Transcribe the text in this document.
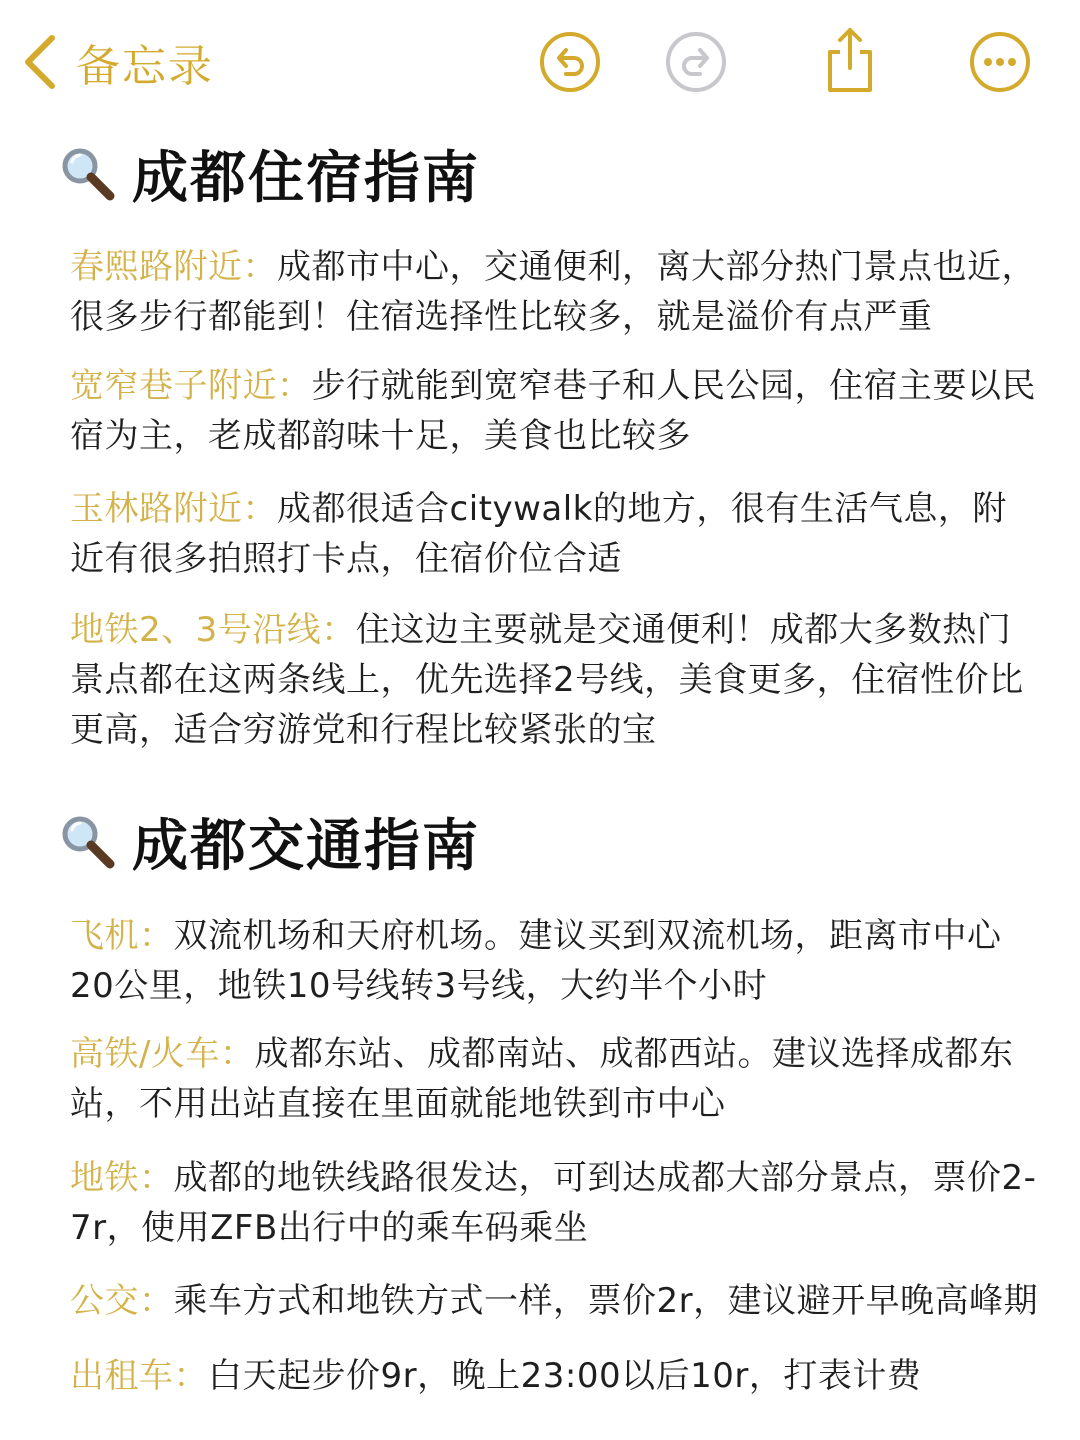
备忘录
成都住宿指南
春熙路附近：成都市中心，交通便利，离大部分热门景点也近，很多步行都能到！住宿选择性比较多，就是溢价有点严重
宽窄巷子附近：步行就能到宽窄巷子和人民公园，住宿主要以民宿为主，老成都韵味十足，美食也比较多
玉林路附近：成都很适合citywalk的地方，很有生活气息，附近有很多拍照打卡点，住宿价位合适
地铁2、3号沿线：住这边主要就是交通便利！成都大多数热门景点都在这两条线上，优先选择2号线，美食更多，住宿性价比更高，适合穷游党和行程比较紧张的宝
成都交通指南
飞机：双流机场和天府机场。建议买到双流机场，距离市中心20公里，地铁10号线转3号线，大约半个小时
高铁/火车：成都东站、成都南站、成都西站。建议选择成都东站，不用出站直接在里面就能地铁到市中心
地铁：成都的地铁线路很发达，可到达成都大部分景点，票价2-7r，使用ZFB出行中的乘车码乘坐
公交：乘车方式和地铁方式一样，票价2r，建议避开早晚高峰期
出租车：白天起步价9r，晚上23:00以后10r，打表计费
